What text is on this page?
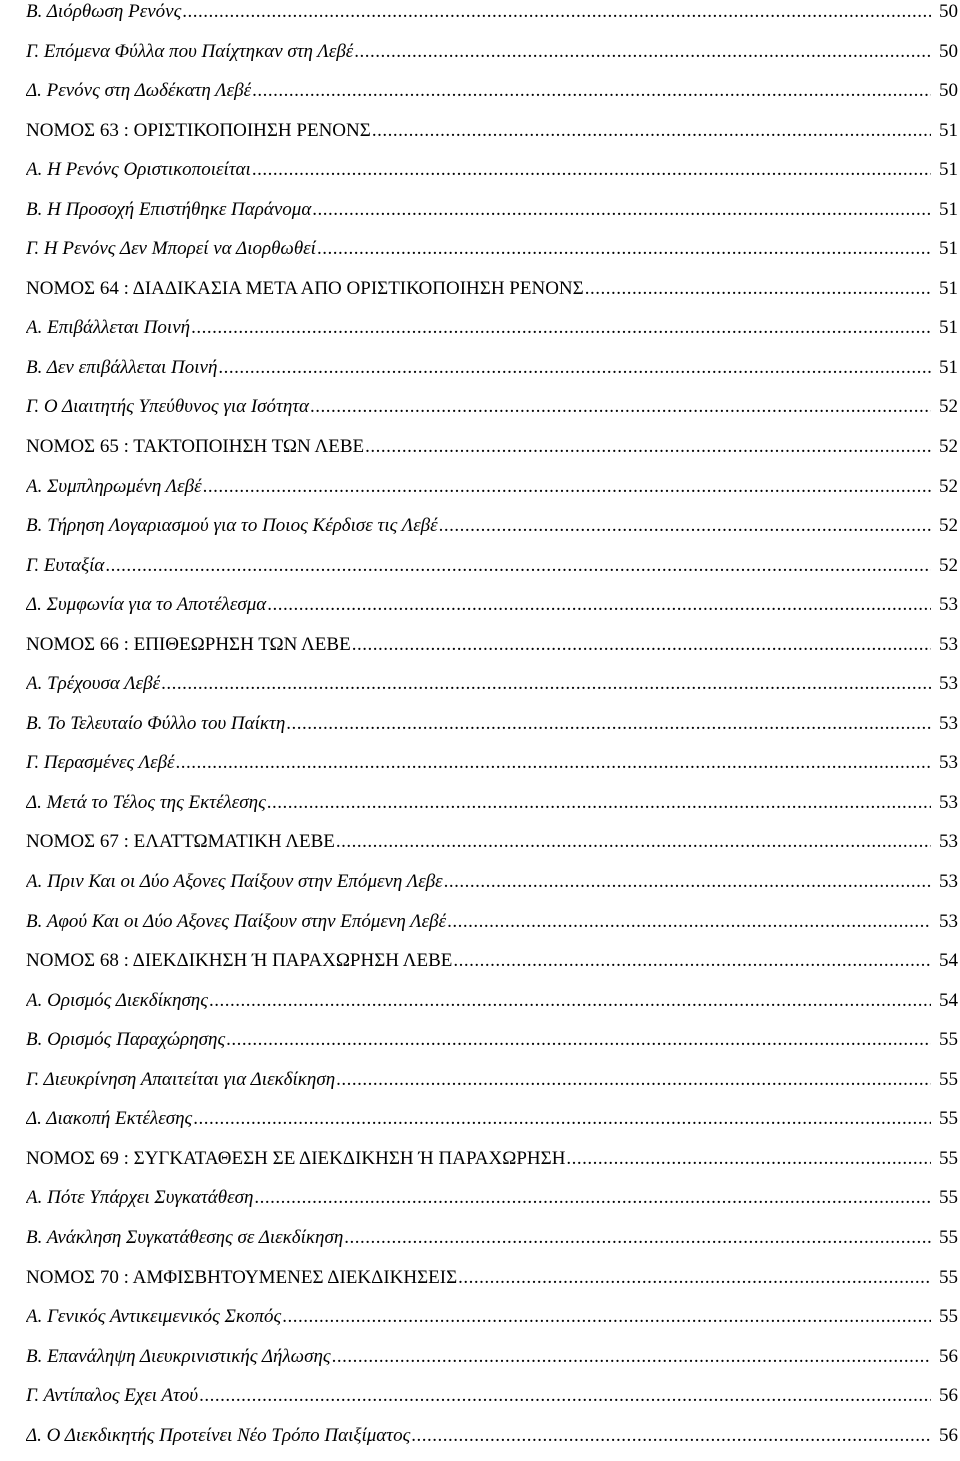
Β. Διόρθωση Ρενόνς .....	50
Γ. Επόμενα Φύλλα που Παίχτηκαν στη Λεβέ .....	50
Δ. Ρενόνς στη Δωδέκατη Λεβέ .....	50
ΝΟΜΟΣ 63 : ΟΡΙΣΤΙΚΟΠΟΙΗΣΗ ΡΕΝΟΝΣ .....	51
Α. Η Ρενόνς Οριστικοποιείται .....	51
Β. Η Προσοχή Επιστήθηκε Παράνομα .....	51
Γ. Η Ρενόνς Δεν Μπορεί να Διορθωθεί .....	51
ΝΟΜΟΣ 64 : ΔΙΑΔΙΚΑΣΙΑ ΜΕΤΑ ΑΠΟ ΟΡΙΣΤΙΚΟΠΟΙΗΣΗ ΡΕΝΟΝΣ .....	51
Α. Επιβάλλεται Ποινή .....	51
Β. Δεν επιβάλλεται Ποινή .....	51
Γ. Ο Διαιτητής Υπεύθυνος για Ισότητα .....	52
ΝΟΜΟΣ 65 : ΤΑΚΤΟΠΟΙΗΣΗ ΤΩΝ ΛΕΒΕ .....	52
Α. Συμπληρωμένη Λεβέ .....	52
Β. Τήρηση Λογαριασμού για το Ποιος Κέρδισε τις Λεβέ .....	52
Γ. Ευταξία .....	52
Δ. Συμφωνία για το Αποτέλεσμα .....	53
ΝΟΜΟΣ 66 : ΕΠΙΘΕΩΡΗΣΗ ΤΩΝ ΛΕΒΕ .....	53
Α. Τρέχουσα Λεβέ .....	53
Β. Το Τελευταίο Φύλλο του Παίκτη .....	53
Γ. Περασμένες Λεβέ .....	53
Δ. Μετά το Τέλος της Εκτέλεσης .....	53
ΝΟΜΟΣ 67 : ΕΛΑΤΤΩΜΑΤΙΚΗ ΛΕΒΕ .....	53
Α. Πριν Και οι Δύο Αξονες Παίξουν στην Επόμενη Λεβε .....	53
Β. Αφού Και οι Δύο Αξονες Παίξουν στην Επόμενη Λεβέ .....	53
ΝΟΜΟΣ 68 : ΔΙΕΚΔΙΚΗΣΗ Ή ΠΑΡΑΧΩΡΗΣΗ ΛΕΒΕ .....	54
Α. Ορισμός Διεκδίκησης .....	54
Β. Ορισμός Παραχώρησης .....	55
Γ. Διευκρίνηση Απαιτείται για Διεκδίκηση .....	55
Δ. Διακοπή Εκτέλεσης .....	55
ΝΟΜΟΣ 69 : ΣΥΓΚΑΤΑΘΕΣΗ ΣΕ ΔΙΕΚΔΙΚΗΣΗ Ή ΠΑΡΑΧΩΡΗΣΗ .....	55
Α. Πότε Υπάρχει Συγκατάθεση .....	55
Β. Ανάκληση Συγκατάθεσης σε Διεκδίκηση .....	55
ΝΟΜΟΣ 70 : ΑΜΦΙΣΒΗΤΟΥΜΕΝΕΣ ΔΙΕΚΔΙΚΗΣΕΙΣ .....	55
Α. Γενικός Αντικειμενικός Σκοπός .....	55
Β. Επανάληψη Διευκρινιστικής Δήλωσης .....	56
Γ. Αντίπαλος Εχει Ατού .....	56
Δ. Ο Διεκδικητής Προτείνει Νέο Τρόπο Παιξίματος .....	56
